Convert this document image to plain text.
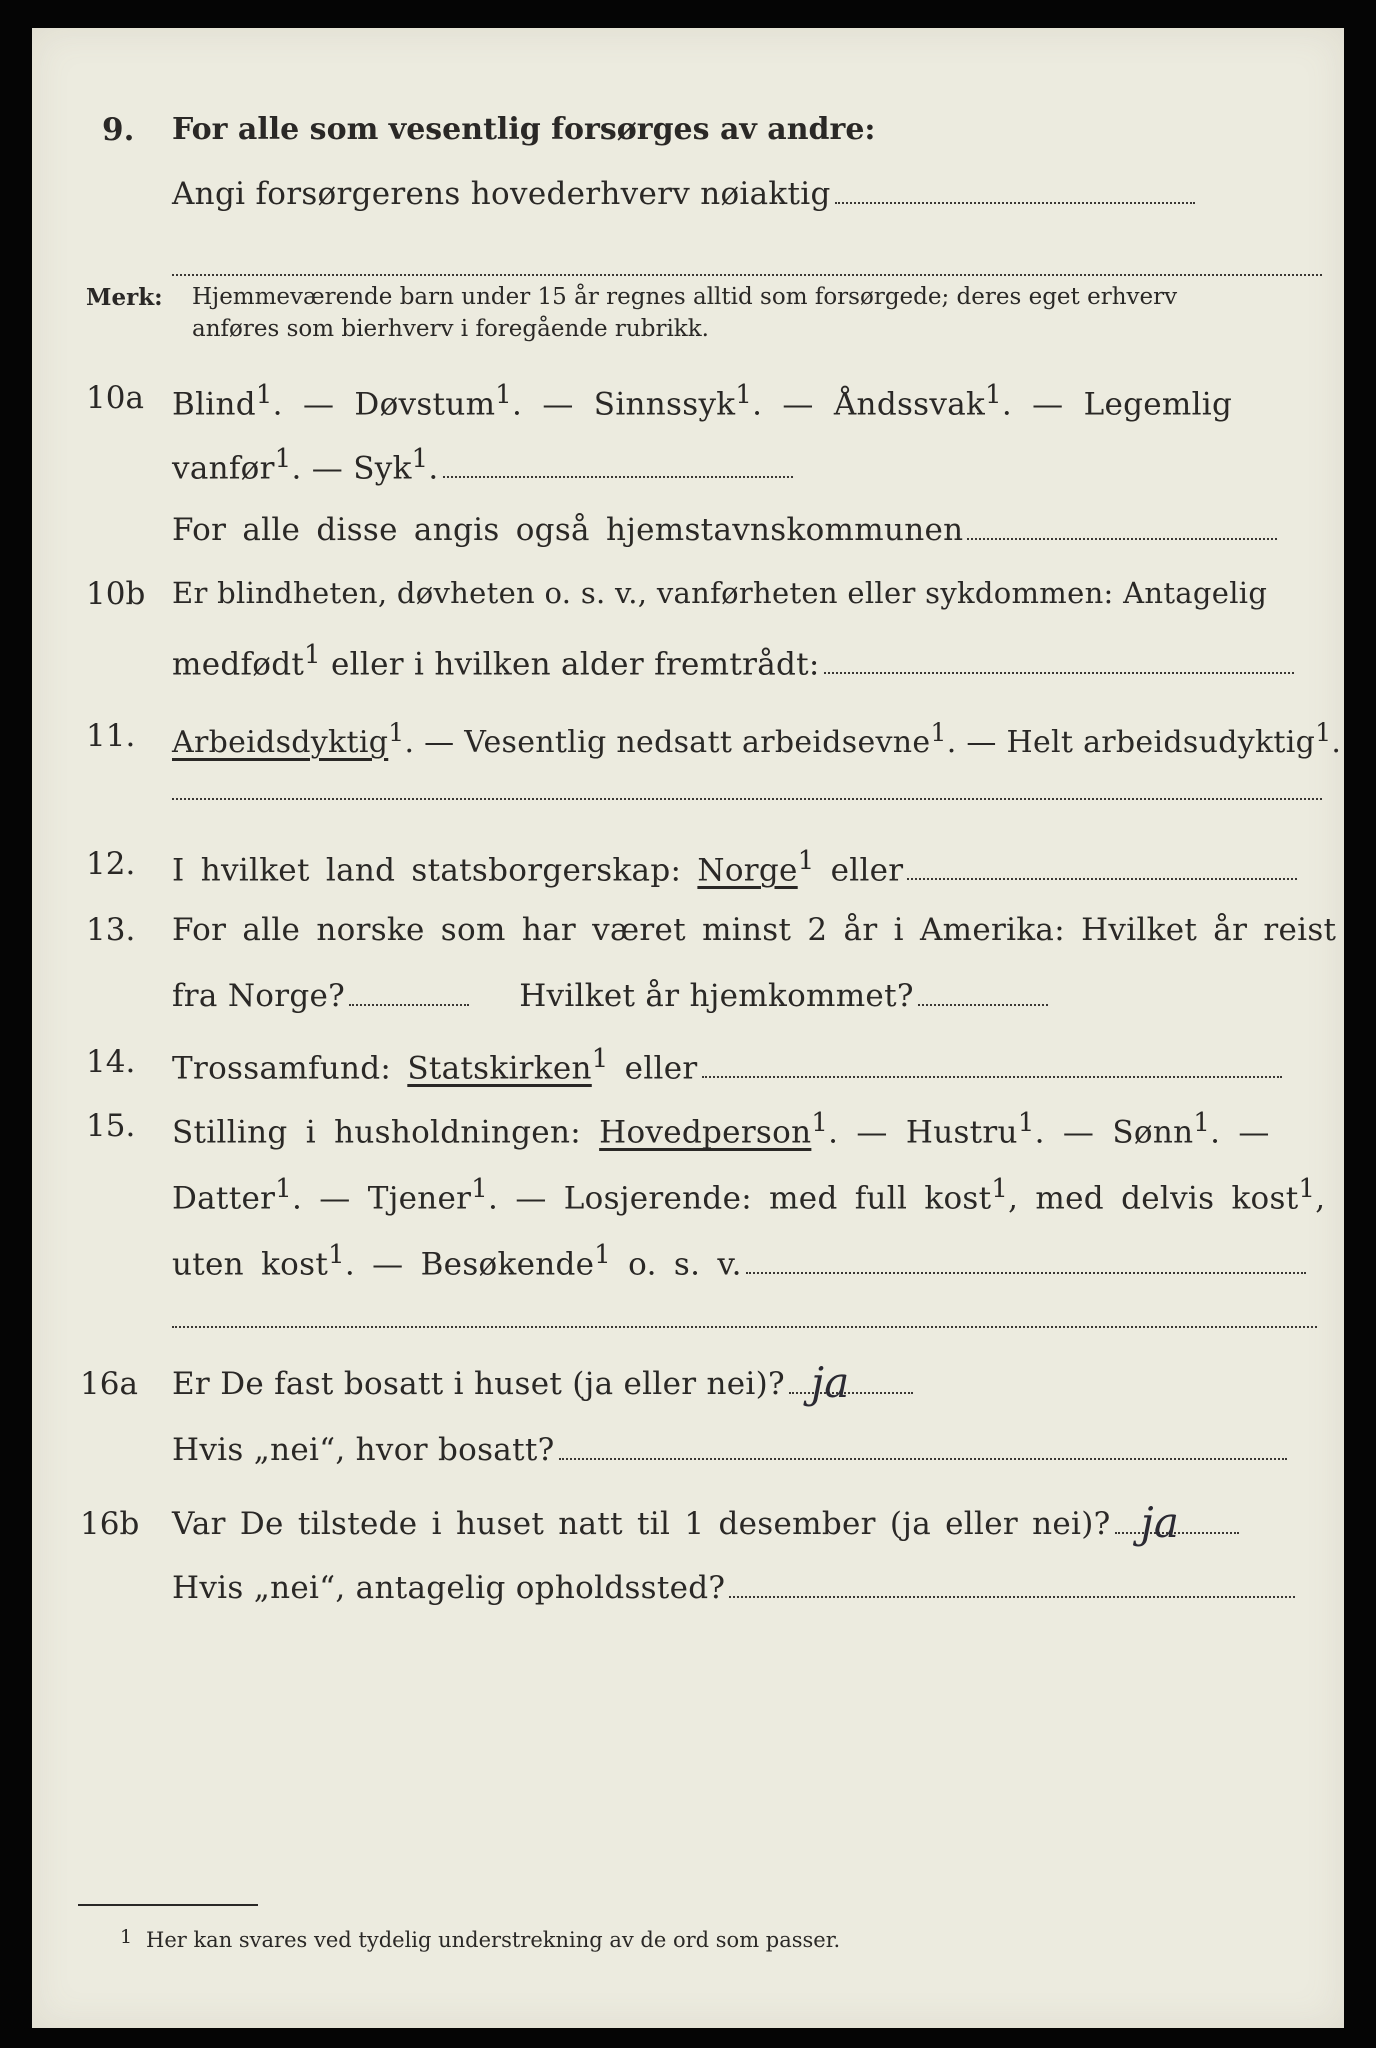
9. For alle som vesentlig forsørges av andre:
Angi forsørgerens hovederhverv nøiaktig
Merk: Hjemmeværende barn under 15 år regnes alltid som forsørgede; deres eget erhverv
anføres som bierhverv i foregående rubrikk.
10a Blind$^1$. — Døvstum$^1$. — Sinnssyk$^1$. — Åndssvak$^1$. — Legemlig
vanfør$^1$. — Syk$^1$.
For alle disse angis også hjemstavnskommunen
10b Er blindheten, døvheten o. s. v., vanførheten eller sykdommen: Antagelig
medfødt$^1$ eller i hvilken alder fremtrådt:
11. Arbeidsdyktig$^1$. — Vesentlig nedsatt arbeidsevne$^1$. — Helt arbeidsudyktig$^1$.
12. I hvilket land statsborgerskap: Norge$^1$ eller
13. For alle norske som har været minst 2 år i Amerika: Hvilket år reist
fra Norge?	Hvilket år hjemkommet?
14. Trossamfund: Statskirken$^1$ eller
15. Stilling i husholdningen: Hovedperson$^1$. — Hustru$^1$. — Sønn$^1$. —
Datter$^1$. — Tjener$^1$. — Losjerende: med full kost$^1$, med delvis kost$^1$,
uten kost$^1$. — Besøkende$^1$ o. s. v.
16a Er De fast bosatt i huset (ja eller nei)? ja
Hvis „nei“, hvor bosatt?
16b Var De tilstede i huset natt til 1 desember (ja eller nei)? ja
Hvis „nei“, antagelig opholdssted?
1 Her kan svares ved tydelig understrekning av de ord som passer.
